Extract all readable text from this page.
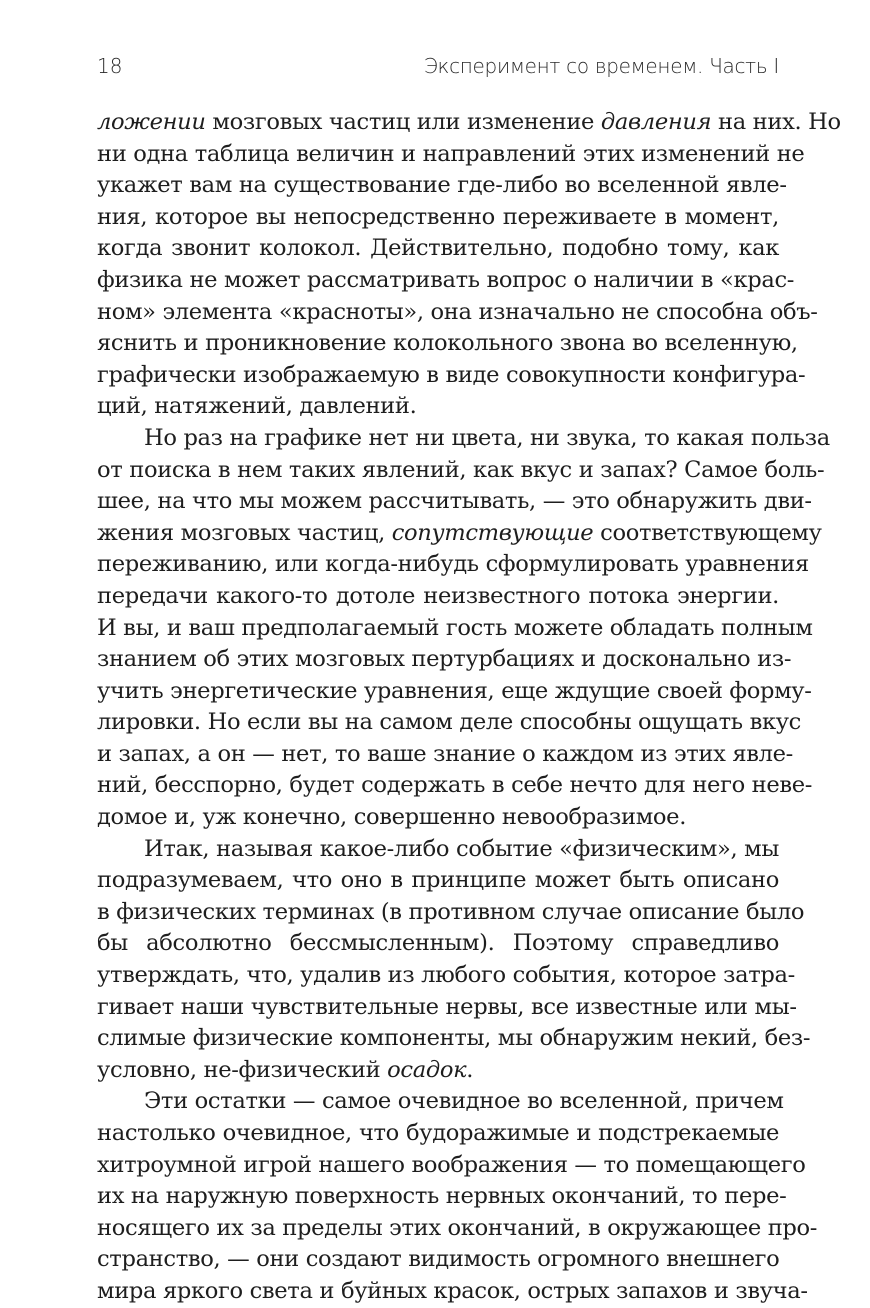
18	Эксперимент со временем. Часть I
ложении мозговых частиц или изменение давления на них. Но
ни одна таблица величин и направлений этих изменений не
укажет вам на существование где-либо во вселенной явле-
ния, которое вы непосредственно переживаете в момент,
когда звонит колокол. Действительно, подобно тому, как
физика не может рассматривать вопрос о наличии в «крас-
ном» элемента «красноты», она изначально не способна объ-
яснить и проникновение колокольного звона во вселенную,
графически изображаемую в виде совокупности конфигура-
ций, натяжений, давлений.
Но раз на графике нет ни цвета, ни звука, то какая польза
от поиска в нем таких явлений, как вкус и запах? Самое боль-
шее, на что мы можем рассчитывать, — это обнаружить дви-
жения мозговых частиц, сопутствующие соответствующему
переживанию, или когда-нибудь сформулировать уравнения
передачи какого-то дотоле неизвестного потока энергии.
И вы, и ваш предполагаемый гость можете обладать полным
знанием об этих мозговых пертурбациях и досконально из-
учить энергетические уравнения, еще ждущие своей форму-
лировки. Но если вы на самом деле способны ощущать вкус
и запах, а он — нет, то ваше знание о каждом из этих явле-
ний, бесспорно, будет содержать в себе нечто для него неве-
домое и, уж конечно, совершенно невообразимое.
Итак, называя какое-либо событие «физическим», мы
подразумеваем, что оно в принципе может быть описано
в физических терминах (в противном случае описание было
бы абсолютно бессмысленным). Поэтому справедливо
утверждать, что, удалив из любого события, которое затра-
гивает наши чувствительные нервы, все известные или мы-
слимые физические компоненты, мы обнаружим некий, без-
условно, не-физический осадок.
Эти остатки — самое очевидное во вселенной, причем
настолько очевидное, что будоражимые и подстрекаемые
хитроумной игрой нашего воображения — то помещающего
их на наружную поверхность нервных окончаний, то пере-
носящего их за пределы этих окончаний, в окружающее про-
странство, — они создают видимость огромного внешнего
мира яркого света и буйных красок, острых запахов и звуча-
